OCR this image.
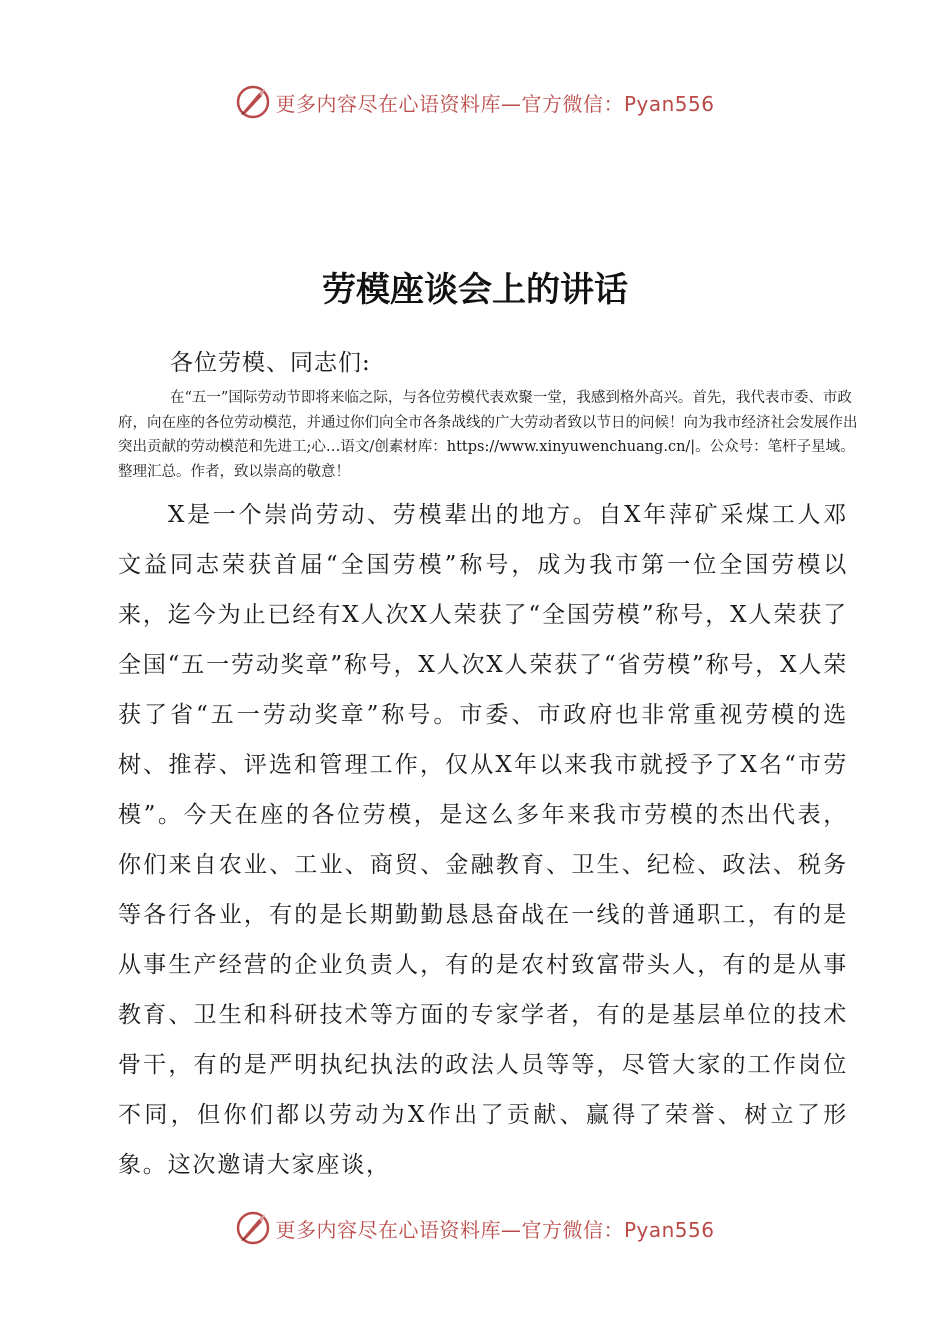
更多内容尽在心语资料库—官方微信：Pyan556
劳模座谈会上的讲话

各位劳模、同志们:

在“五一”国际劳动节即将来临之际，与各位劳模代表欢聚一堂，我感到格外高兴。首先，我代表市委、市政府，向在座的各位劳动模范，并通过你们向全市各条战线的广大劳动者致以节日的问候！向为我市经济社会发展作出突出贡献的劳动模范和先进工;心…语文/创素材库：https://www.xinyuwenchuang.cn/|。公众号：笔杆子星域。整理汇总。作者，致以崇高的敬意！

X是一个崇尚劳动、劳模辈出的地方。自X年萍矿采煤工人邓文益同志荣获首届“全国劳模”称号，成为我市第一位全国劳模以来，迄今为止已经有X人次X人荣获了“全国劳模”称号，X人荣获了全国“五一劳动奖章”称号，X人次X人荣获了“省劳模”称号，X人荣获了省“五一劳动奖章”称号。市委、市政府也非常重视劳模的选树、推荐、评选和管理工作，仅从X年以来我市就授予了X名“市劳模”。今天在座的各位劳模，是这么多年来我市劳模的杰出代表，你们来自农业、工业、商贸、金融教育、卫生、纪检、政法、税务等各行各业，有的是长期勤勤恳恳奋战在一线的普通职工，有的是从事生产经营的企业负责人，有的是农村致富带头人，有的是从事教育、卫生和科研技术等方面的专家学者，有的是基层单位的技术骨干，有的是严明执纪执法的政法人员等等，尽管大家的工作岗位不同，但你们都以劳动为X作出了贡献、赢得了荣誉、树立了形象。这次邀请大家座谈，

更多内容尽在心语资料库—官方微信：Pyan556
